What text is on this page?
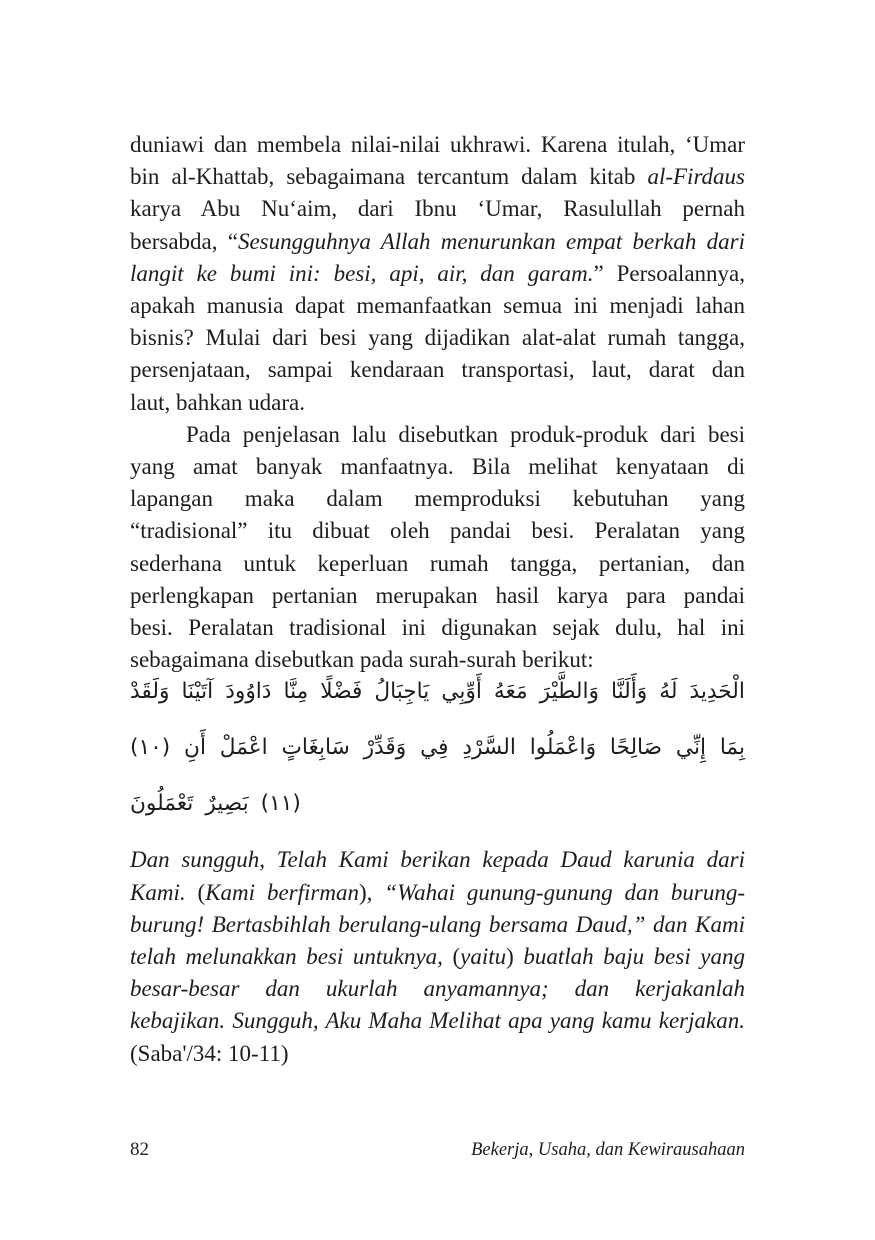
duniawi dan membela nilai-nilai ukhrawi. Karena itulah, ‘Umar
bin al-Khattab, sebagaimana tercantum dalam kitab al-Firdaus
karya Abu Nu‘aim, dari Ibnu ‘Umar, Rasulullah pernah
bersabda, “Sesungguhnya Allah menurunkan empat berkah dari
langit ke bumi ini: besi, api, air, dan garam.” Persoalannya,
apakah manusia dapat memanfaatkan semua ini menjadi lahan
bisnis? Mulai dari besi yang dijadikan alat-alat rumah tangga,
persenjataan, sampai kendaraan transportasi, laut, darat dan
laut, bahkan udara.
Pada penjelasan lalu disebutkan produk-produk dari besi
yang amat banyak manfaatnya. Bila melihat kenyataan di
lapangan maka dalam memproduksi kebutuhan yang
“tradisional” itu dibuat oleh pandai besi. Peralatan yang
sederhana untuk keperluan rumah tangga, pertanian, dan
perlengkapan pertanian merupakan hasil karya para pandai
besi. Peralatan tradisional ini digunakan sejak dulu, hal ini
sebagaimana disebutkan pada surah-surah berikut:
وَلَقَدْ آتَيْنَا دَاوُودَ مِنَّا فَضْلًا يَاجِبَالُ أَوِّبِي مَعَهُ وَالطَّيْرَ وَأَلَنَّا لَهُ الْحَدِيدَ
(١٠) أَنِ اعْمَلْ سَابِغَاتٍ وَقَدِّرْ فِي السَّرْدِ وَاعْمَلُوا صَالِحًا إِنِّي بِمَا
تَعْمَلُونَ بَصِيرٌ (١١)
Dan sungguh, Telah Kami berikan kepada Daud karunia dari
Kami. (Kami berfirman), “Wahai gunung-gunung dan burung-
burung! Bertasbihlah berulang-ulang bersama Daud,” dan Kami
telah melunakkan besi untuknya, (yaitu) buatlah baju besi yang
besar-besar dan ukurlah anyamannya; dan kerjakanlah
kebajikan. Sungguh, Aku Maha Melihat apa yang kamu kerjakan.
(Saba'/34: 10-11)
82	Bekerja, Usaha, dan Kewirausahaan
